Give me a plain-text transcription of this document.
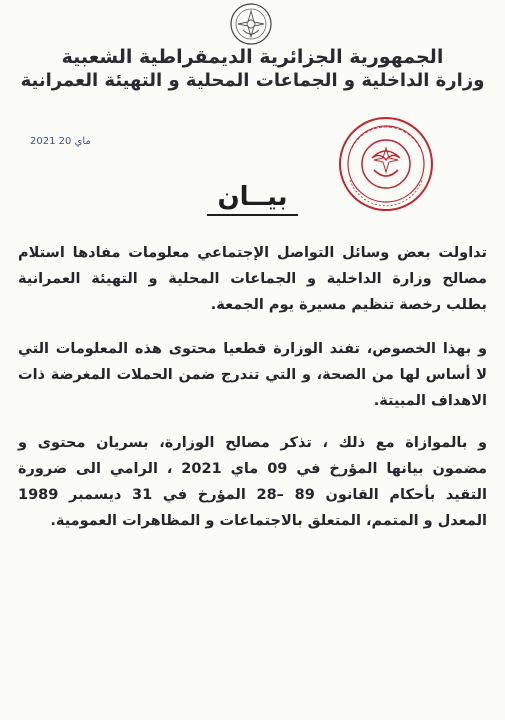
الجمهورية الجزائرية الديمقراطية الشعبية
وزارة الداخلية و الجماعات المحلية و التهيئة العمرانية
2021 ماي 20
بيــان
تداولت بعض وسائل التواصل الإجتماعي معلومات مفادها استلام مصالح وزارة الداخلية و الجماعات المحلية و التهيئة العمرانية بطلب رخصة تنظيم مسيرة يوم الجمعة.
و بهذا الخصوص، تفند الوزارة قطعيا محتوى هذه المعلومات التي لا أساس لها من الصحة، و التي تندرج ضمن الحملات المغرضة ذات الاهداف المبيتة.
و بالموازاة مع ذلك ، تذكر مصالح الوزارة، بسريان محتوى و مضمون بيانها المؤرخ في 09 ماي 2021 ، الرامي الى ضرورة التقيد بأحكام القانون 89 –28 المؤرخ في 31 ديسمبر 1989 المعدل و المتمم، المتعلق بالاجتماعات و المظاهرات العمومية.
